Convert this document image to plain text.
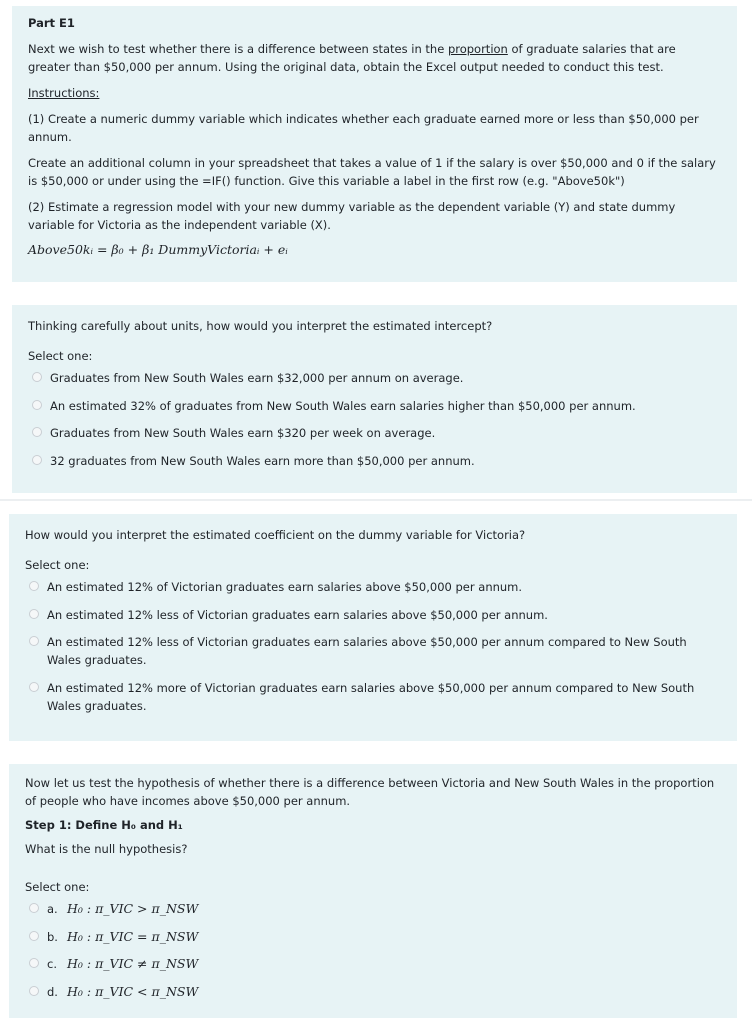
Part E1

Next we wish to test whether there is a difference between states in the proportion of graduate salaries that are greater than $50,000 per annum. Using the original data, obtain the Excel output needed to conduct this test.

Instructions:

(1) Create a numeric dummy variable which indicates whether each graduate earned more or less than $50,000 per annum.

Create an additional column in your spreadsheet that takes a value of 1 if the salary is over $50,000 and 0 if the salary is $50,000 or under using the =IF() function. Give this variable a label in the first row (e.g. "Above50k")

(2) Estimate a regression model with your new dummy variable as the dependent variable (Y) and state dummy variable for Victoria as the independent variable (X).

Above50kᵢ = β₀ + β₁ DummyVictoriaᵢ + eᵢ
Thinking carefully about units, how would you interpret the estimated intercept?
Select one:
Graduates from New South Wales earn $32,000 per annum on average.
An estimated 32% of graduates from New South Wales earn salaries higher than $50,000 per annum.
Graduates from New South Wales earn $320 per week on average.
32 graduates from New South Wales earn more than $50,000 per annum.
How would you interpret the estimated coefficient on the dummy variable for Victoria?
Select one:
An estimated 12% of Victorian graduates earn salaries above $50,000 per annum.
An estimated 12% less of Victorian graduates earn salaries above $50,000 per annum.
An estimated 12% less of Victorian graduates earn salaries above $50,000 per annum compared to New South Wales graduates.
An estimated 12% more of Victorian graduates earn salaries above $50,000 per annum compared to New South Wales graduates.

Now let us test the hypothesis of whether there is a difference between Victoria and New South Wales in the proportion of people who have incomes above $50,000 per annum.

Step 1: Define H₀ and H₁
What is the null hypothesis?
Select one:
a. H₀ : π_VIC > π_NSW
b. H₀ : π_VIC = π_NSW
c. H₀ : π_VIC ≠ π_NSW
d. H₀ : π_VIC < π_NSW
